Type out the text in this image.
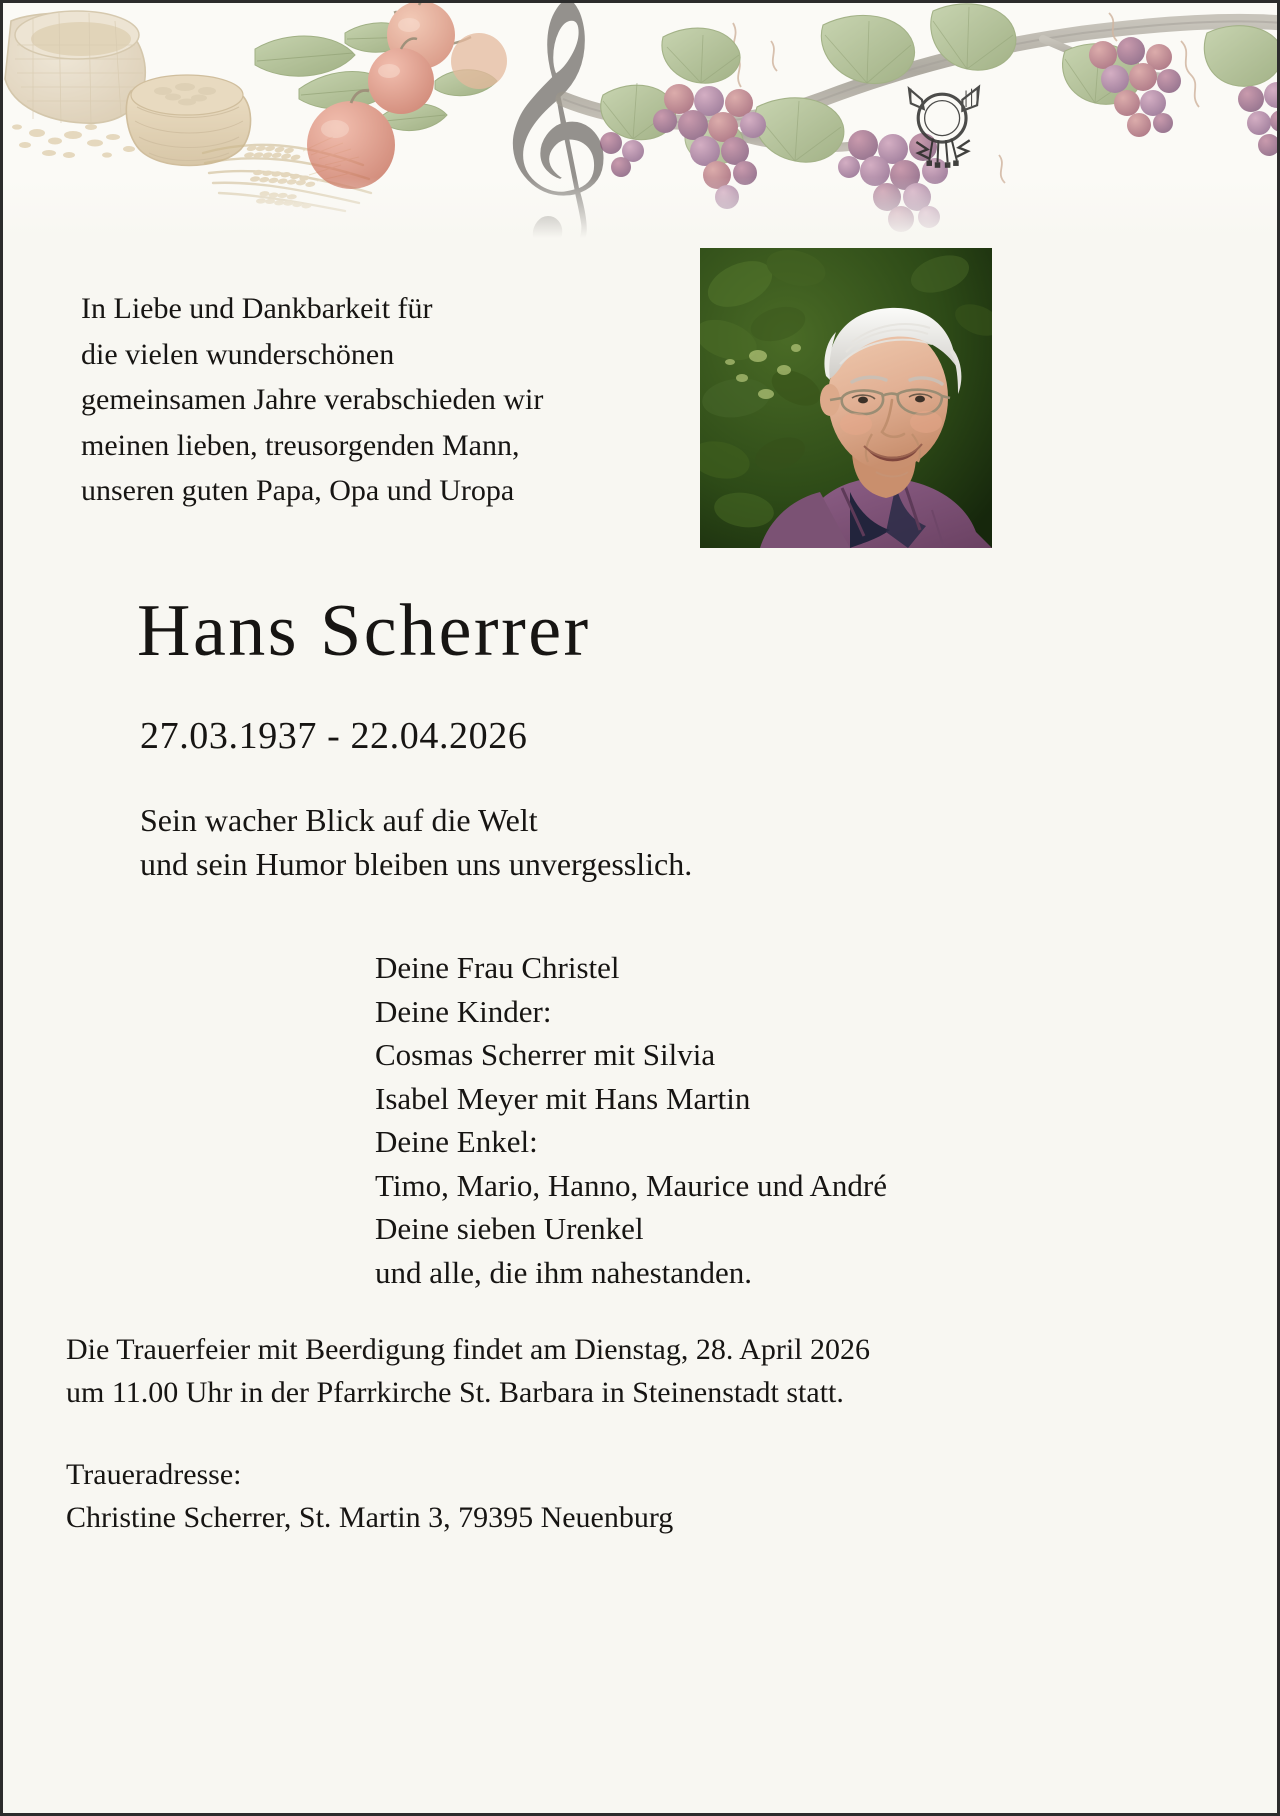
In Liebe und Dankbarkeit für
die vielen wunderschönen
gemeinsamen Jahre verabschieden wir
meinen lieben, treusorgenden Mann,
unseren guten Papa, Opa und Uropa
Hans Scherrer
27.03.1937 - 22.04.2026
Sein wacher Blick auf die Welt
und sein Humor bleiben uns unvergesslich.
Deine Frau Christel
Deine Kinder:
Cosmas Scherrer mit Silvia
Isabel Meyer mit Hans Martin
Deine Enkel:
Timo, Mario, Hanno, Maurice und André
Deine sieben Urenkel
und alle, die ihm nahestanden.
Die Trauerfeier mit Beerdigung findet am Dienstag, 28. April 2026
um 11.00 Uhr in der Pfarrkirche St. Barbara in Steinenstadt statt.
Traueradresse:
Christine Scherrer, St. Martin 3, 79395 Neuenburg
